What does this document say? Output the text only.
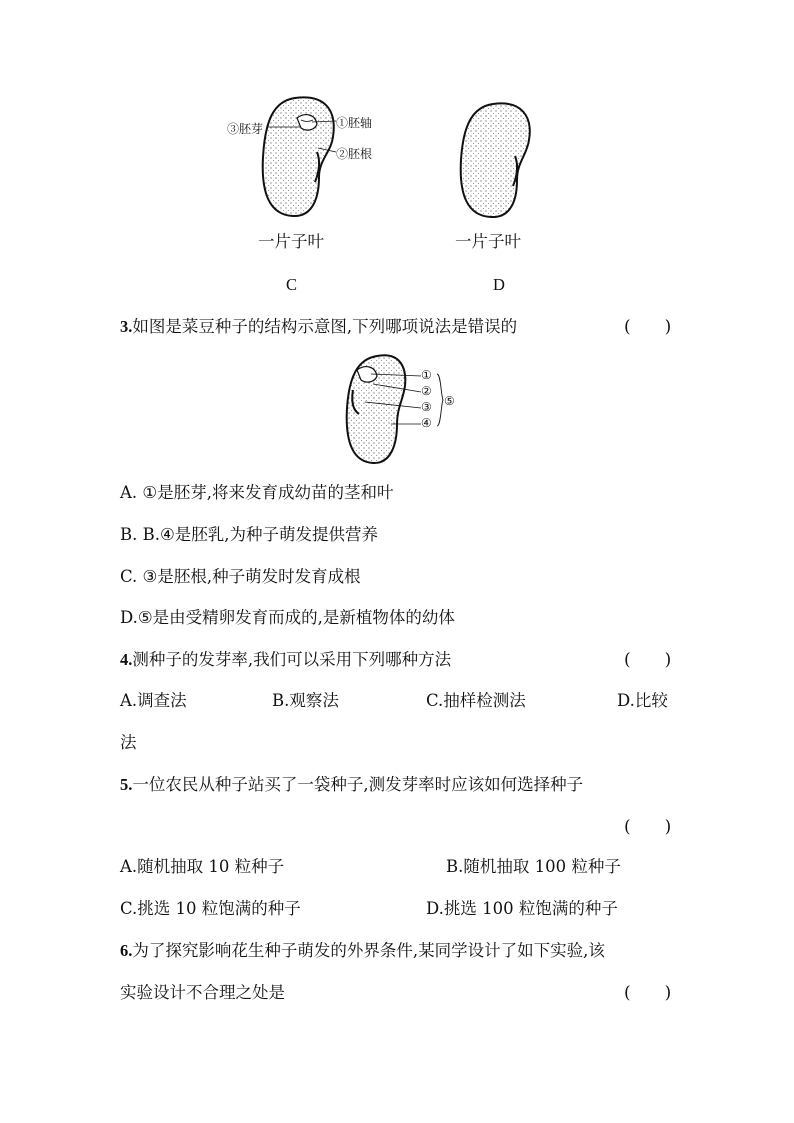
③胚芽	①胚轴
②胚根
一片子叶	一片子叶
C	D
3.如图是菜豆种子的结构示意图,下列哪项说法是错误的	(　　)
①
②
③
④
⑤
A. ①是胚芽,将来发育成幼苗的茎和叶
B. B.④是胚乳,为种子萌发提供营养
C. ③是胚根,种子萌发时发育成根
D.⑤是由受精卵发育而成的,是新植物体的幼体
4.测种子的发芽率,我们可以采用下列哪种方法	(　　)
A.调查法	B.观察法	C.抽样检测法	D.比较
法
5.一位农民从种子站买了一袋种子,测发芽率时应该如何选择种子
(　　)
A.随机抽取 10 粒种子	B.随机抽取 100 粒种子
C.挑选 10 粒饱满的种子	D.挑选 100 粒饱满的种子
6.为了探究影响花生种子萌发的外界条件,某同学设计了如下实验,该
实验设计不合理之处是	(　　)
